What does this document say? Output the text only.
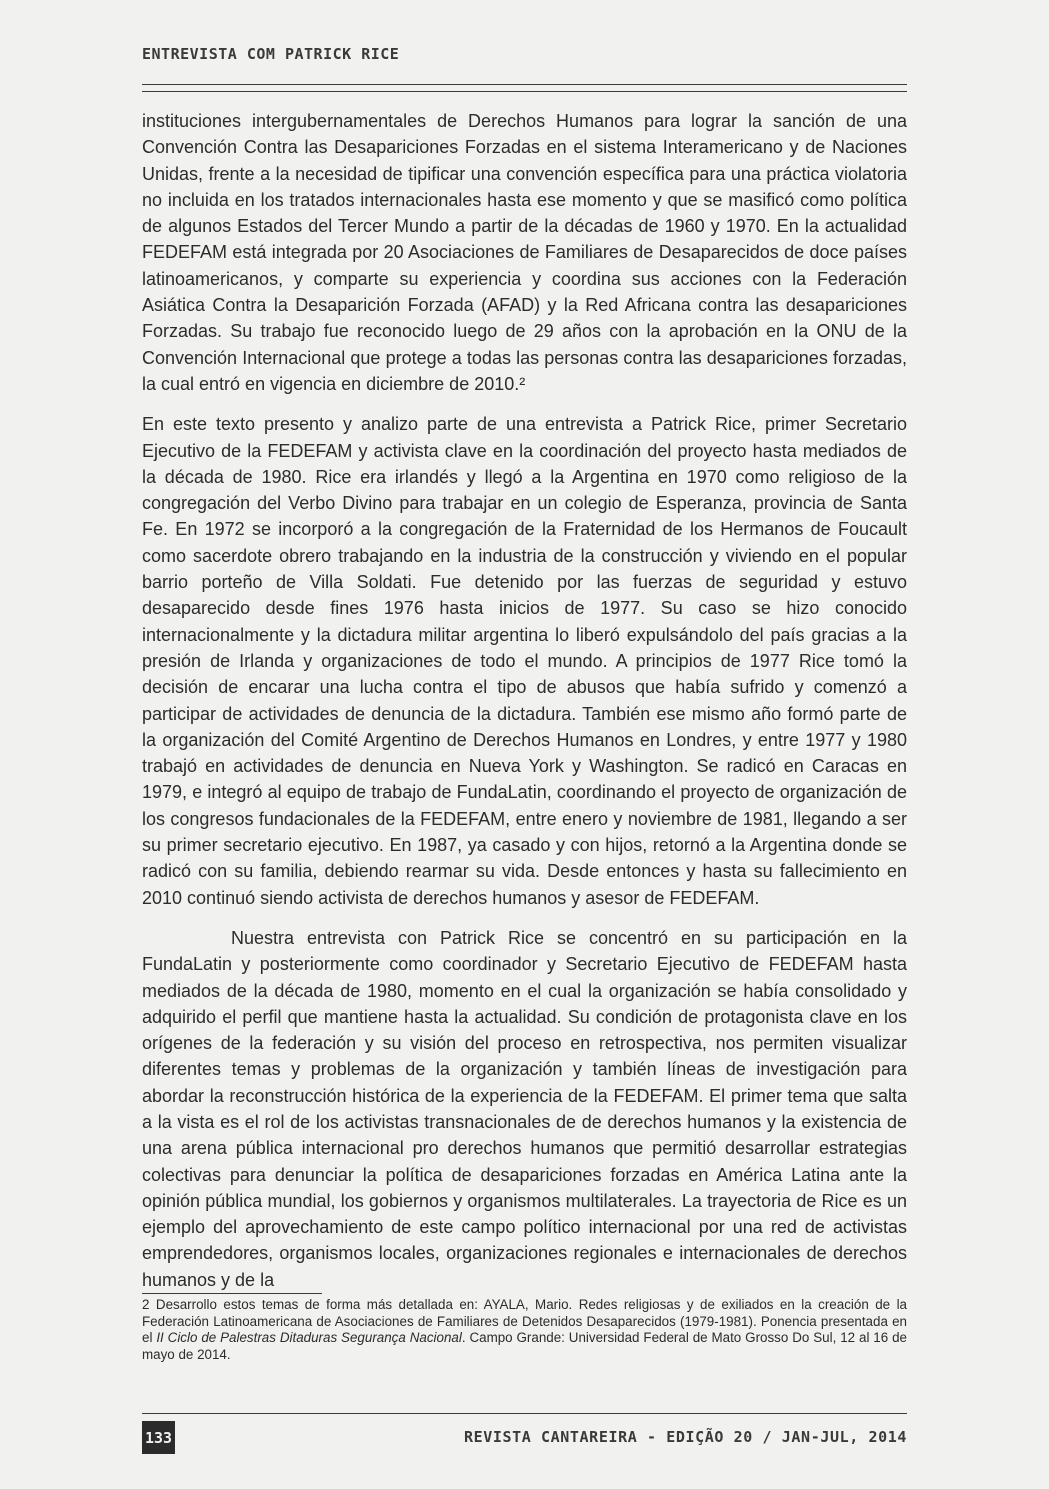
ENTREVISTA COM PATRICK RICE

instituciones intergubernamentales de Derechos Humanos para lograr la sanción de una Convención Contra las Desapariciones Forzadas en el sistema Interamericano y de Naciones Unidas, frente a la necesidad de tipificar una convención específica para una práctica violatoria no incluida en los tratados internacionales hasta ese momento y que se masificó como política de algunos Estados del Tercer Mundo a partir de la décadas de 1960 y 1970. En la actualidad FEDEFAM está integrada por 20 Asociaciones de Familiares de Desaparecidos de doce países latinoamericanos, y comparte su experiencia y coordina sus acciones con la Federación Asiática Contra la Desaparición Forzada (AFAD) y la Red Africana contra las desapariciones Forzadas. Su trabajo fue reconocido luego de 29 años con la aprobación en la ONU de la Convención Internacional que protege a todas las personas contra las desapariciones forzadas, la cual entró en vigencia en diciembre de 2010.²

En este texto presento y analizo parte de una entrevista a Patrick Rice, primer Secretario Ejecutivo de la FEDEFAM y activista clave en la coordinación del proyecto hasta mediados de la década de 1980. Rice era irlandés y llegó a la Argentina en 1970 como religioso de la congregación del Verbo Divino para trabajar en un colegio de Esperanza, provincia de Santa Fe. En 1972 se incorporó a la congregación de la Fraternidad de los Hermanos de Foucault como sacerdote obrero trabajando en la industria de la construcción y viviendo en el popular barrio porteño de Villa Soldati. Fue detenido por las fuerzas de seguridad y estuvo desaparecido desde fines 1976 hasta inicios de 1977. Su caso se hizo conocido internacionalmente y la dictadura militar argentina lo liberó expulsándolo del país gracias a la presión de Irlanda y organizaciones de todo el mundo. A principios de 1977 Rice tomó la decisión de encarar una lucha contra el tipo de abusos que había sufrido y comenzó a participar de actividades de denuncia de la dictadura. También ese mismo año formó parte de la organización del Comité Argentino de Derechos Humanos en Londres, y entre 1977 y 1980 trabajó en actividades de denuncia en Nueva York y Washington. Se radicó en Caracas en 1979, e integró al equipo de trabajo de FundaLatin, coordinando el proyecto de organización de los congresos fundacionales de la FEDEFAM, entre enero y noviembre de 1981, llegando a ser su primer secretario ejecutivo. En 1987, ya casado y con hijos, retornó a la Argentina donde se radicó con su familia, debiendo rearmar su vida. Desde entonces y hasta su fallecimiento en 2010 continuó siendo activista de derechos humanos y asesor de FEDEFAM.

Nuestra entrevista con Patrick Rice se concentró en su participación en la FundaLatin y posteriormente como coordinador y Secretario Ejecutivo de FEDEFAM hasta mediados de la década de 1980, momento en el cual la organización se había consolidado y adquirido el perfil que mantiene hasta la actualidad. Su condición de protagonista clave en los orígenes de la federación y su visión del proceso en retrospectiva, nos permiten visualizar diferentes temas y problemas de la organización y también líneas de investigación para abordar la reconstrucción histórica de la experiencia de la FEDEFAM. El primer tema que salta a la vista es el rol de los activistas transnacionales de de derechos humanos y la existencia de una arena pública internacional pro derechos humanos que permitió desarrollar estrategias colectivas para denunciar la política de desapariciones forzadas en América Latina ante la opinión pública mundial, los gobiernos y organismos multilaterales. La trayectoria de Rice es un ejemplo del aprovechamiento de este campo político internacional por una red de activistas emprendedores, organismos locales, organizaciones regionales e internacionales de derechos humanos y de la

2 Desarrollo estos temas de forma más detallada en: AYALA, Mario. Redes religiosas y de exiliados en la creación de la Federación Latinoamericana de Asociaciones de Familiares de Detenidos Desaparecidos (1979-1981). Ponencia presentada en el II Ciclo de Palestras Ditaduras Segurança Nacional. Campo Grande: Universidad Federal de Mato Grosso Do Sul, 12 al 16 de mayo de 2014.
133	REVISTA CANTAREIRA - EDIÇÃO 20 / JAN-JUL, 2014
